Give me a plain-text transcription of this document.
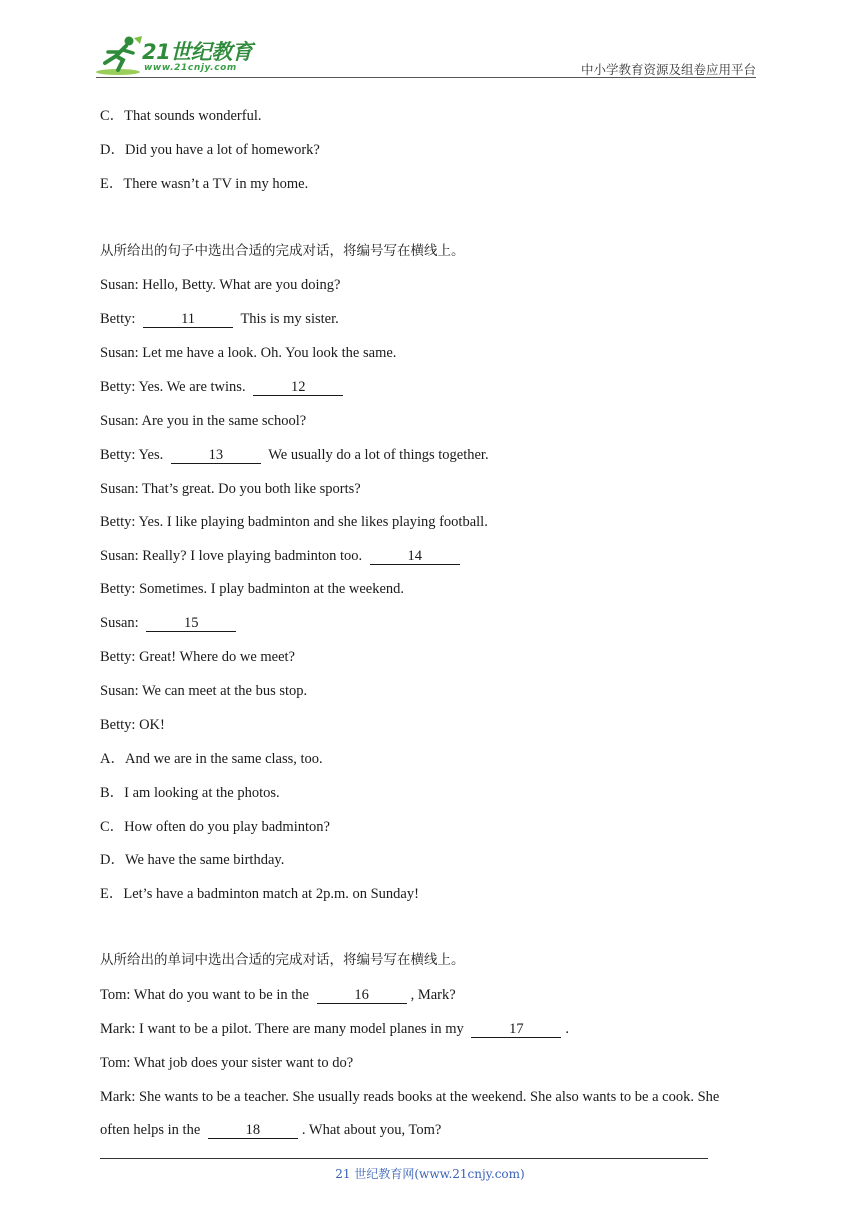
21世纪教育
www.21cnjy.com	中小学教育资源及组卷应用平台
C．That sounds wonderful.
D．Did you have a lot of homework?
E．There wasn’t a TV in my home.
从所给出的句子中选出合适的完成对话，将编号写在横线上。
Susan: Hello, Betty. What are you doing?
Betty:	11	This is my sister.
Susan: Let me have a look. Oh. You look the same.
Betty: Yes. We are twins.	12
Susan: Are you in the same school?
Betty: Yes.	13	We usually do a lot of things together.
Susan: That’s great. Do you both like sports?
Betty: Yes. I like playing badminton and she likes playing football.
Susan: Really? I love playing badminton too.	14
Betty: Sometimes. I play badminton at the weekend.
Susan:	15
Betty: Great! Where do we meet?
Susan: We can meet at the bus stop.
Betty: OK!
A．And we are in the same class, too.
B．I am looking at the photos.
C．How often do you play badminton?
D．We have the same birthday.
E．Let’s have a badminton match at 2p.m. on Sunday!
从所给出的单词中选出合适的完成对话，将编号写在横线上。
Tom: What do you want to be in the	16	, Mark?
Mark: I want to be a pilot. There are many model planes in my	17	.
Tom: What job does your sister want to do?
Mark: She wants to be a teacher. She usually reads books at the weekend. She also wants to be a cook. She
often helps in the	18	. What about you, Tom?
21 世纪教育网(www.21cnjy.com)
